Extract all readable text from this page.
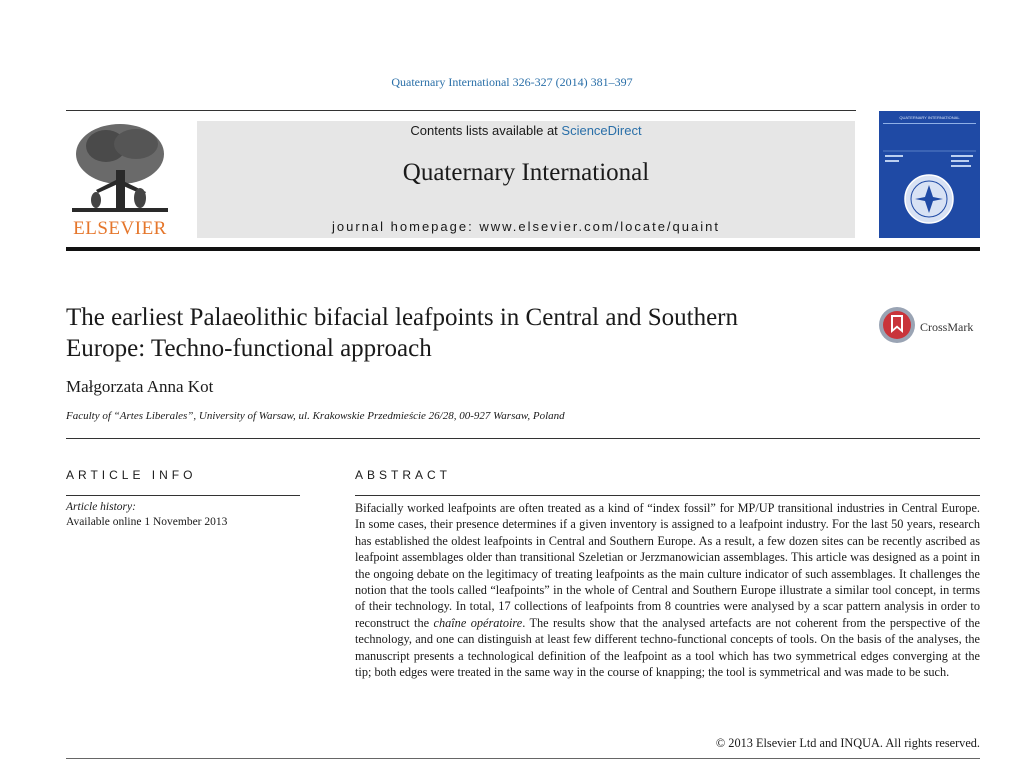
Quaternary International 326-327 (2014) 381–397
ELSEVIER
Contents lists available at ScienceDirect
Quaternary International
journal homepage: www.elsevier.com/locate/quaint
QUATERNARY INTERNATIONAL
The earliest Palaeolithic bifacial leafpoints in Central and Southern
Europe: Techno-functional approach
CrossMark
Małgorzata Anna Kot
Faculty of “Artes Liberales”, University of Warsaw, ul. Krakowskie Przedmieście 26/28, 00-927 Warsaw, Poland
ARTICLE INFO	ABSTRACT
Article history:
Available online 1 November 2013
Bifacially worked leafpoints are often treated as a kind of “index fossil” for MP/UP transitional industries in Central Europe. In some cases, their presence determines if a given inventory is assigned to a leafpoint industry. For the last 50 years, research has established the oldest leafpoints in Central and Southern Europe. As a result, a few dozen sites can be recently ascribed as leafpoint assemblages older than transitional Szeletian or Jerzmanowician assemblages. This article was designed as a point in the ongoing debate on the legitimacy of treating leafpoints as the main culture indicator of such assemblages. It challenges the notion that the tools called “leafpoints” in the whole of Central and Southern Europe illustrate a similar tool concept, in terms of their technology. In total, 17 collections of leafpoints from 8 countries were analysed by a scar pattern analysis in order to reconstruct the chaîne opératoire. The results show that the analysed artefacts are not coherent from the perspective of the technology, and one can distinguish at least few different techno-functional concepts of tools. On the basis of the analyses, the manuscript presents a technological definition of the leafpoint as a tool which has two symmetrical edges converging at the tip; both edges were treated in the same way in the course of knapping; the tool is symmetrical and was made to be such.
© 2013 Elsevier Ltd and INQUA. All rights reserved.
